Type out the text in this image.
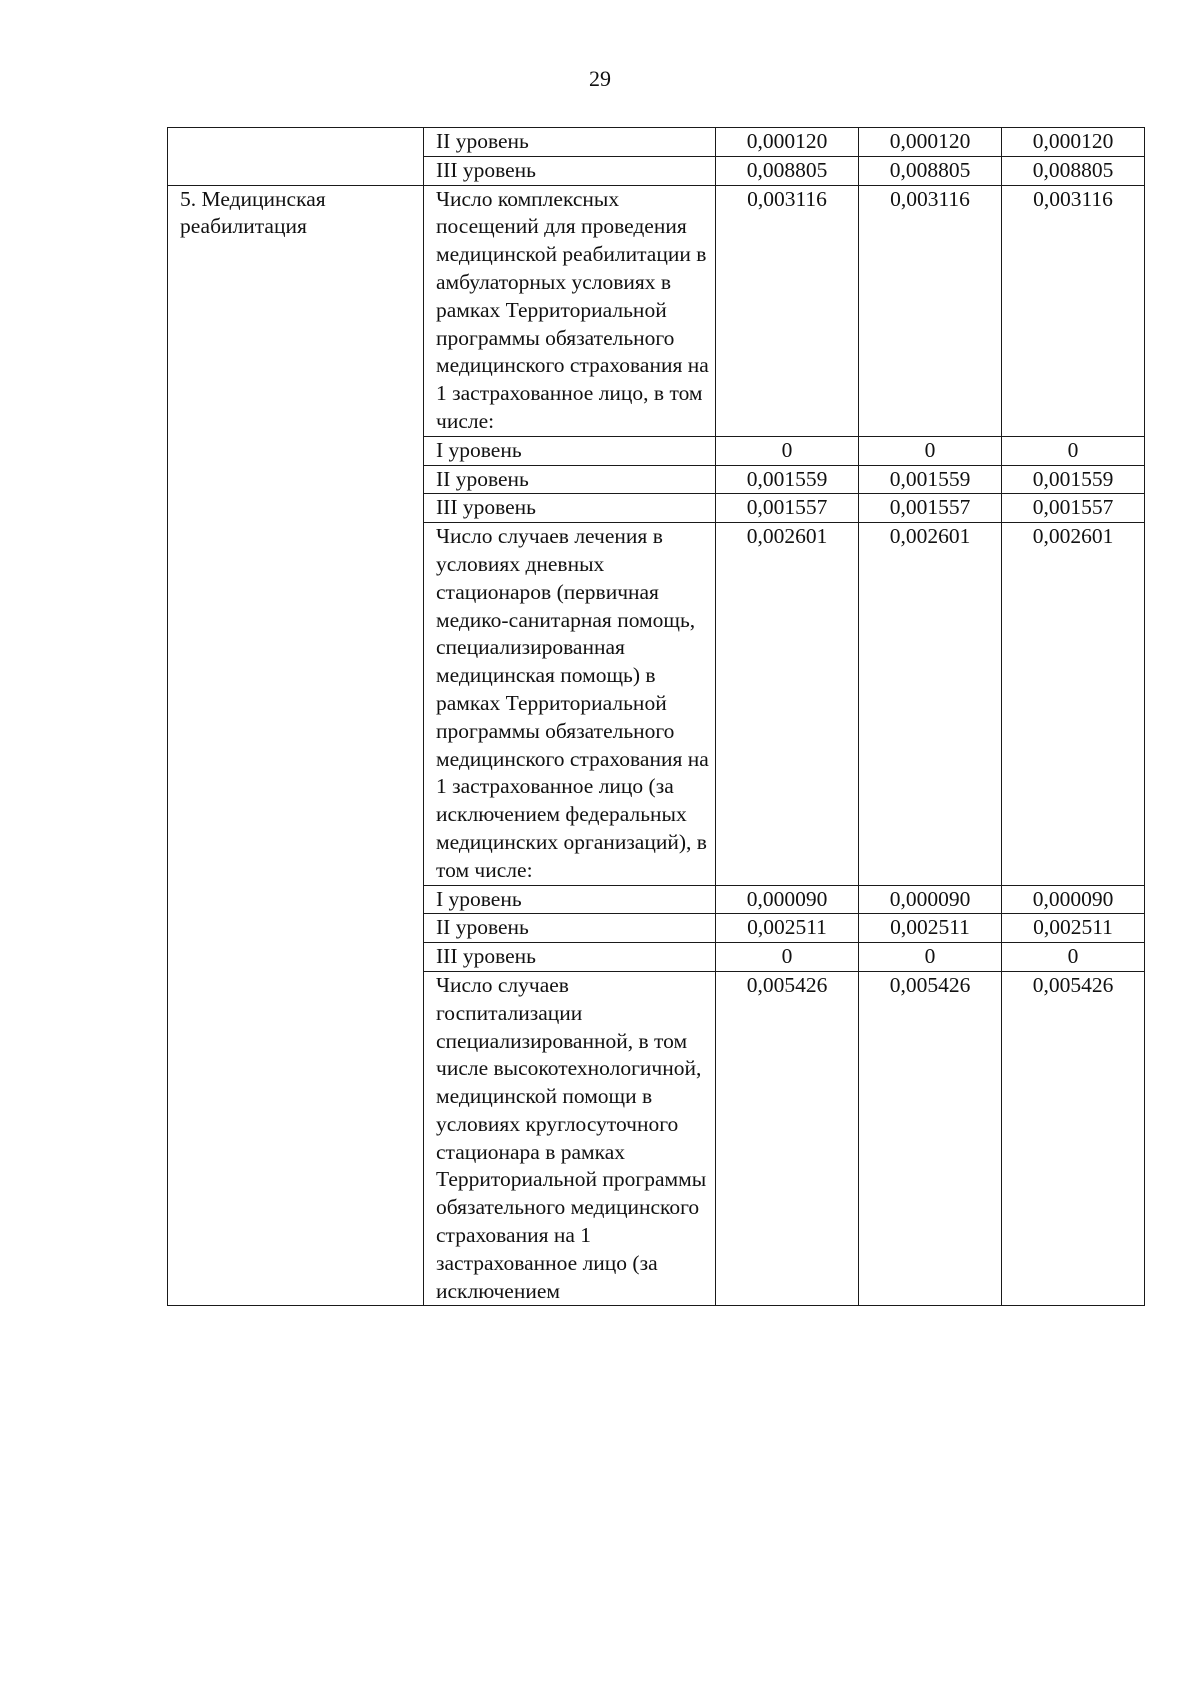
29
	II уровень	0,000120	0,000120	0,000120
	III уровень	0,008805	0,008805	0,008805
5. Медицинская реабилитация	Число комплексных посещений для проведения медицинской реабилитации в амбулаторных условиях в рамках Территориальной программы обязательного медицинского страхования на 1 застрахованное лицо, в том числе:	0,003116	0,003116	0,003116
	I уровень	0	0	0
	II уровень	0,001559	0,001559	0,001559
	III уровень	0,001557	0,001557	0,001557
	Число случаев лечения в условиях дневных стационаров (первичная медико-санитарная помощь, специализированная медицинская помощь) в рамках Территориальной программы обязательного медицинского страхования на 1 застрахованное лицо (за исключением федеральных медицинских организаций), в том числе:	0,002601	0,002601	0,002601
	I уровень	0,000090	0,000090	0,000090
	II уровень	0,002511	0,002511	0,002511
	III уровень	0	0	0
	Число случаев госпитализации специализированной, в том числе высокотехнологичной, медицинской помощи в условиях круглосуточного стационара в рамках Территориальной программы обязательного медицинского страхования на 1 застрахованное лицо (за исключением	0,005426	0,005426	0,005426
